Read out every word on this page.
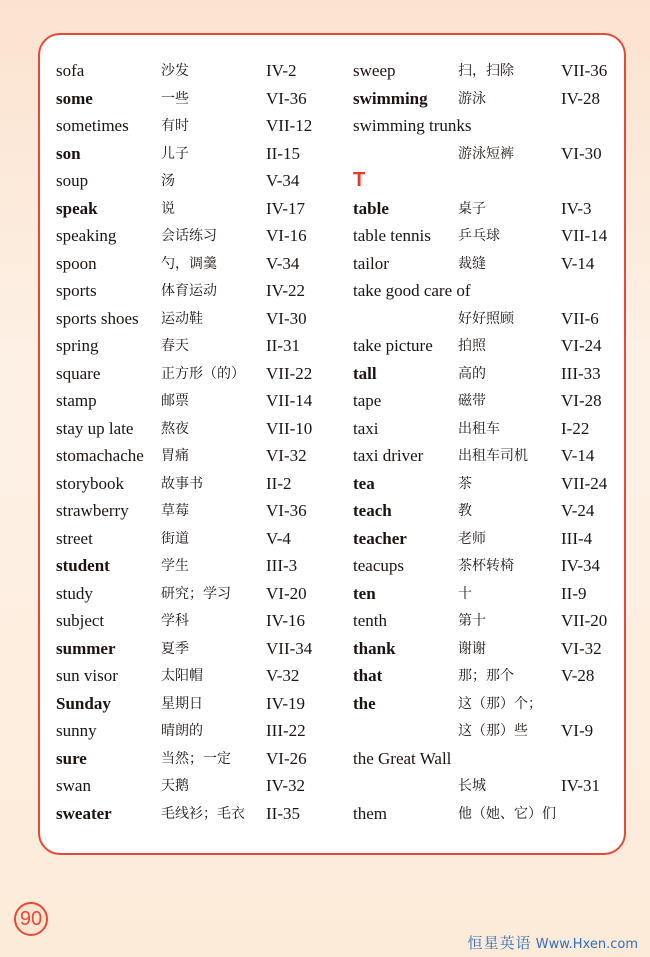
sofa	沙发	IV-2
some	一些	VI-36
sometimes 有时	VII-12
son	儿子	II-15
soup	汤	V-34
speak	说	IV-17
speaking	会话练习	VI-16
spoon	勺，调羹	V-34
sports	体育运动	IV-22
sports shoes 运动鞋	VI-30
spring	春天	II-31
square	正方形（的） VII-22
stamp	邮票	VII-14
stay up late 熬夜	VII-10
stomachache 胃痛	VI-32
storybook	故事书	II-2
strawberry 草莓	VI-36
street	街道	V-4
student	学生	III-3
study	研究；学习 VI-20
subject	学科	IV-16
summer	夏季	VII-34
sun visor	太阳帽	V-32
Sunday	星期日	IV-19
sunny	晴朗的	III-22
sure	当然；一定 VI-26
swan	天鹅	IV-32
sweater	毛线衫；毛衣 II-35
sweep	扫，扫除	VII-36
swimming 游泳	IV-28
swimming trunks
游泳短裤	VI-30
T
table	桌子	IV-3
table tennis 乒乓球	VII-14
tailor	裁缝	V-14
take good care of
好好照顾	VII-6
take picture 拍照	VI-24
tall	高的	III-33
tape	磁带	VI-28
taxi	出租车	I-22
taxi driver 出租车司机 V-14
tea	茶	VII-24
teach	教	V-24
teacher	老师	III-4
teacups	茶杯转椅	IV-34
ten	十	II-9
tenth	第十	VII-20
thank	谢谢	VI-32
that	那；那个	V-28
the	这（那）个；
这（那）些 VI-9
the Great Wall
长城	IV-31
them	他（她、它）们
90
恒星英语 Www.Hxen.com
